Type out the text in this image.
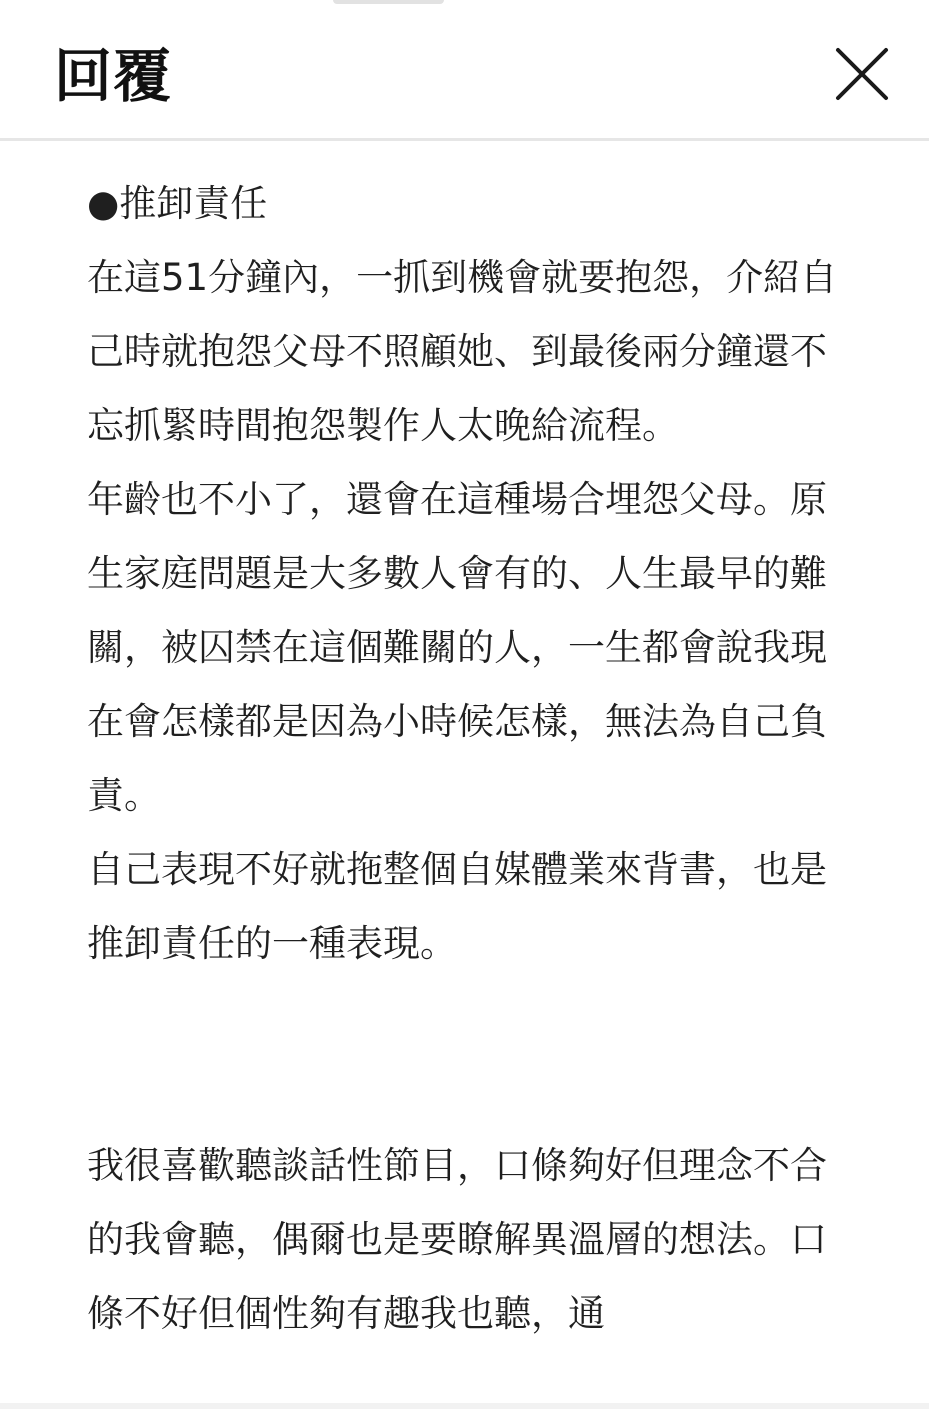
回覆

●推卸責任

在這51分鐘內，一抓到機會就要抱怨，介紹自己時就抱怨父母不照顧她、到最後兩分鐘還不忘抓緊時間抱怨製作人太晚給流程。

年齡也不小了，還會在這種場合埋怨父母。原生家庭問題是大多數人會有的、人生最早的難關，被囚禁在這個難關的人，一生都會說我現在會怎樣都是因為小時候怎樣，無法為自己負責。

自己表現不好就拖整個自媒體業來背書，也是推卸責任的一種表現。

我很喜歡聽談話性節目，口條夠好但理念不合的我會聽，偶爾也是要瞭解異溫層的想法。口條不好但個性夠有趣我也聽，通
